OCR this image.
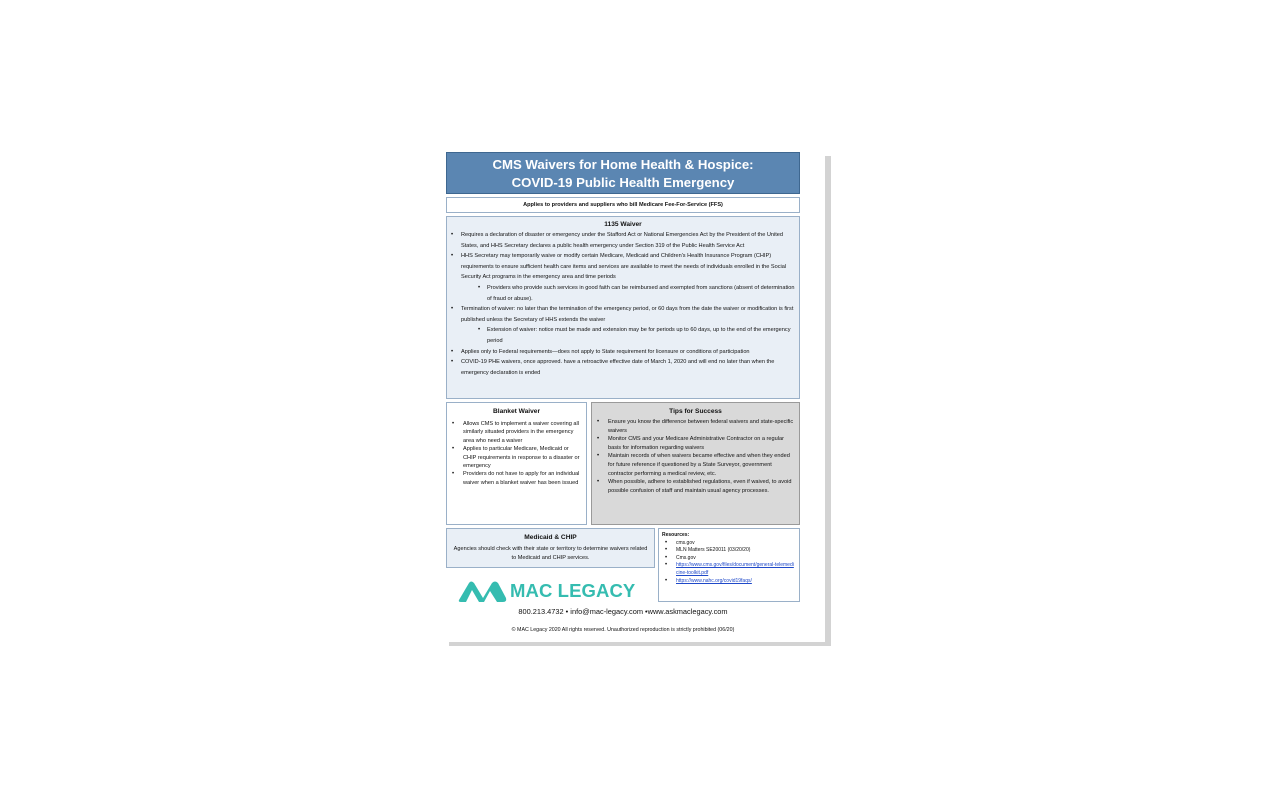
CMS Waivers for Home Health & Hospice:
COVID-19 Public Health Emergency
Applies to providers and suppliers who bill Medicare Fee-For-Service (FFS)
1135 Waiver
• Requires a declaration of disaster or emergency under the Stafford Act or National Emergencies Act by the President of the United States, and HHS Secretary declares a public health emergency under Section 319 of the Public Health Service Act
• HHS Secretary may temporarily waive or modify certain Medicare, Medicaid and Children's Health Insurance Program (CHIP) requirements to ensure sufficient health care items and services are available to meet the needs of individuals enrolled in the Social Security Act programs in the emergency area and time periods
• Providers who provide such services in good faith can be reimbursed and exempted from sanctions (absent of determination of fraud or abuse).
• Termination of waiver: no later than the termination of the emergency period, or 60 days from the date the waiver or modification is first published unless the Secretary of HHS extends the waiver
• Extension of waiver: notice must be made and extension may be for periods up to 60 days, up to the end of the emergency period
• Applies only to Federal requirements—does not apply to State requirement for licensure or conditions of participation
• COVID-19 PHE waivers, once approved. have a retroactive effective date of March 1, 2020 and will end no later than when the emergency declaration is ended
Blanket Waiver
• Allows CMS to implement a waiver covering all similarly situated providers in the emergency area who need a waiver
• Applies to particular Medicare, Medicaid or CHIP requirements in response to a disaster or emergency
• Providers do not have to apply for an individual waiver when a blanket waiver has been issued
Tips for Success
• Ensure you know the difference between federal waivers and state-specific waivers
• Monitor CMS and your Medicare Administrative Contractor on a regular basis for information regarding waivers
• Maintain records of when waivers became effective and when they ended for future reference if questioned by a State Surveyor, government contractor performing a medical review, etc.
• When possible, adhere to established regulations, even if waived, to avoid possible confusion of staff and maintain usual agency processes.
Medicaid & CHIP
Agencies should check with their state or territory to determine waivers related to Medicaid and CHIP services.
Resources:
• cms.gov
• MLN Matters SE20011 (03/20/20)
• Cms.gov
• https://www.cms.gov/files/document/general-telemedicine-toolkit.pdf
• https://www.nahc.org/covid19faqs/
MAC LEGACY
800.213.4732 • info@mac-legacy.com •www.askmaclegacy.com
© MAC Legacy 2020 All rights reserved. Unauthorized reproduction is strictly prohibited (06/20)
